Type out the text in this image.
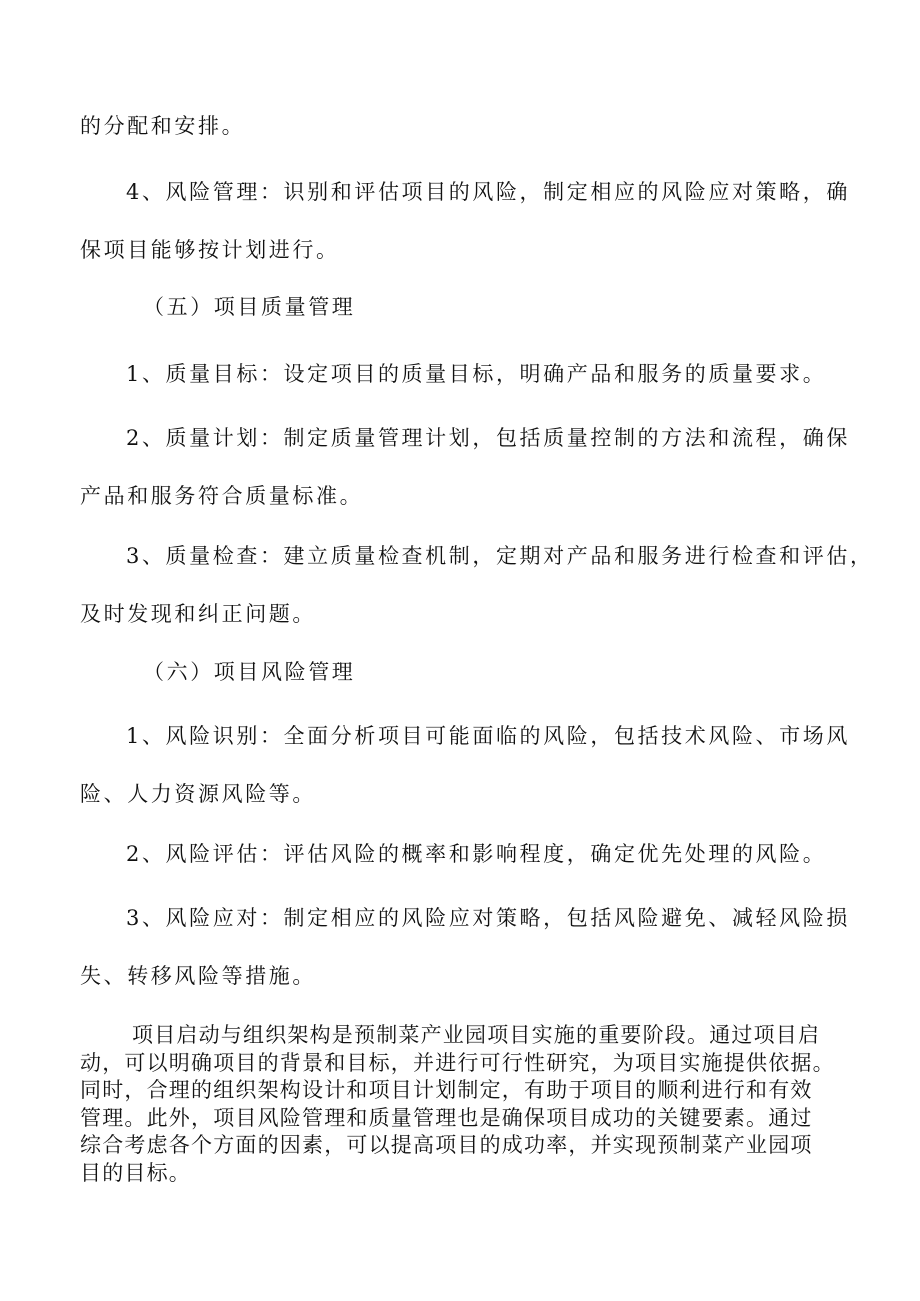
的分配和安排。

4、风险管理：识别和评估项目的风险，制定相应的风险应对策略，确
保项目能够按计划进行。

（五）项目质量管理

1、质量目标：设定项目的质量目标，明确产品和服务的质量要求。

2、质量计划：制定质量管理计划，包括质量控制的方法和流程，确保
产品和服务符合质量标准。

3、质量检查：建立质量检查机制，定期对产品和服务进行检查和评估，
及时发现和纠正问题。

（六）项目风险管理

1、风险识别：全面分析项目可能面临的风险，包括技术风险、市场风
险、人力资源风险等。

2、风险评估：评估风险的概率和影响程度，确定优先处理的风险。

3、风险应对：制定相应的风险应对策略，包括风险避免、减轻风险损
失、转移风险等措施。

项目启动与组织架构是预制菜产业园项目实施的重要阶段。通过项目启
动，可以明确项目的背景和目标，并进行可行性研究，为项目实施提供依据。
同时，合理的组织架构设计和项目计划制定，有助于项目的顺利进行和有效
管理。此外，项目风险管理和质量管理也是确保项目成功的关键要素。通过
综合考虑各个方面的因素，可以提高项目的成功率，并实现预制菜产业园项
目的目标。
